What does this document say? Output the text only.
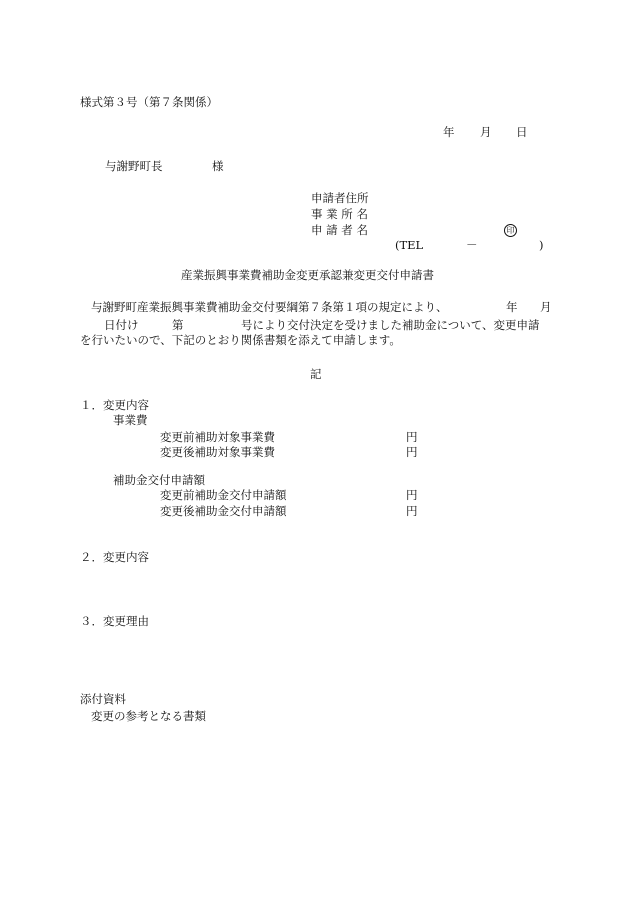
様式第３号（第７条関係）
年 月 日
与謝野町長	様
申請者住所
事 業 所 名
申 請 者 名	印
(TEL	－	)
産業振興事業費補助金変更承認兼変更交付申請書
与謝野町産業振興事業費補助金交付要綱第７条第１項の規定により、	年 月
日付け	第	号により交付決定を受けました補助金について、変更申請
を行いたいので、下記のとおり関係書類を添えて申請します。
記
１．変更内容
事業費
変更前補助対象事業費	円
変更後補助対象事業費	円
補助金交付申請額
変更前補助金交付申請額	円
変更後補助金交付申請額	円
２．変更内容
３．変更理由
添付資料
変更の参考となる書類
